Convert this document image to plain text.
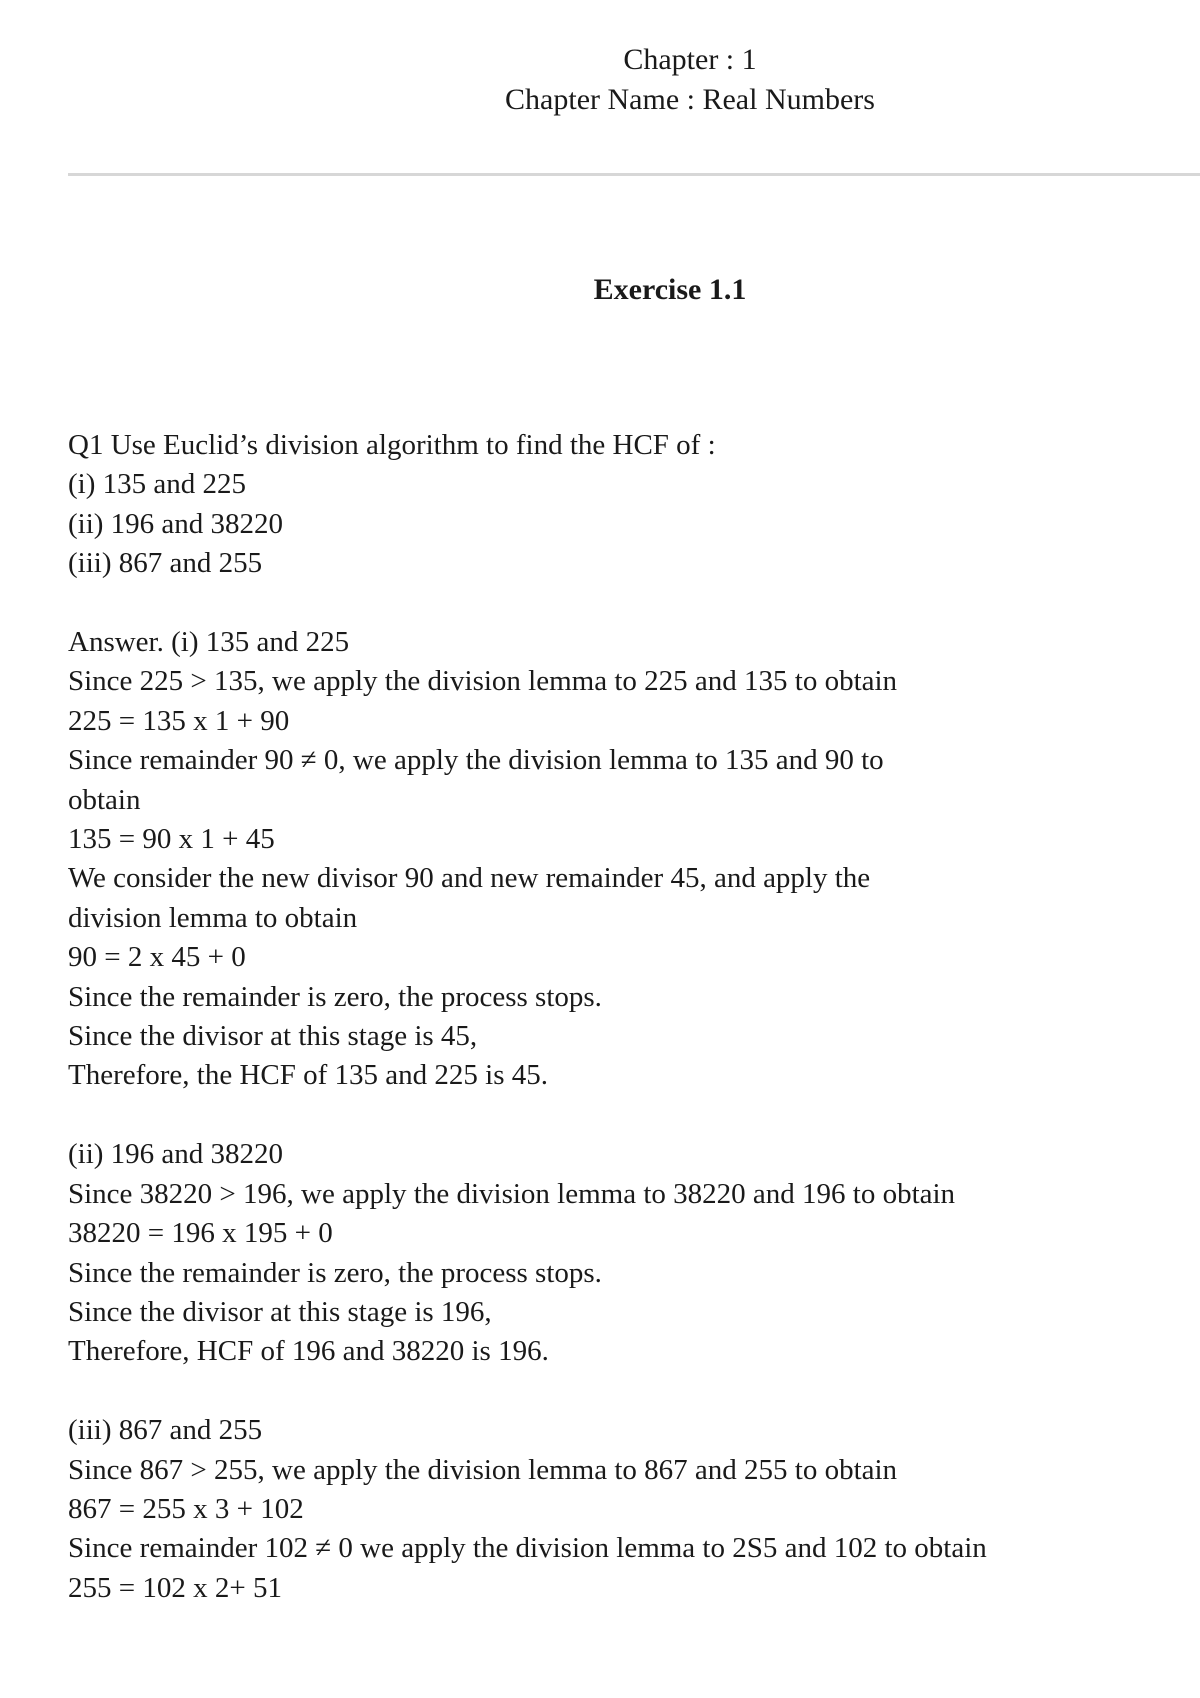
Chapter : 1
Chapter Name : Real Numbers
Exercise 1.1
Q1 Use Euclid’s division algorithm to find the HCF of :
(i) 135 and 225
(ii) 196 and 38220
(iii) 867 and 255
Answer. (i) 135 and 225
Since 225 > 135, we apply the division lemma to 225 and 135 to obtain
225 = 135 x 1 + 90
Since remainder 90 ≠ 0, we apply the division lemma to 135 and 90 to
obtain
135 = 90 x 1 + 45
We consider the new divisor 90 and new remainder 45, and apply the
division lemma to obtain
90 = 2 x 45 + 0
Since the remainder is zero, the process stops.
Since the divisor at this stage is 45,
Therefore, the HCF of 135 and 225 is 45.
(ii) 196 and 38220
Since 38220 > 196, we apply the division lemma to 38220 and 196 to obtain
38220 = 196 x 195 + 0
Since the remainder is zero, the process stops.
Since the divisor at this stage is 196,
Therefore, HCF of 196 and 38220 is 196.
(iii) 867 and 255
Since 867 > 255, we apply the division lemma to 867 and 255 to obtain
867 = 255 x 3 + 102
Since remainder 102 ≠ 0 we apply the division lemma to 2S5 and 102 to obtain
255 = 102 x 2+ 51
